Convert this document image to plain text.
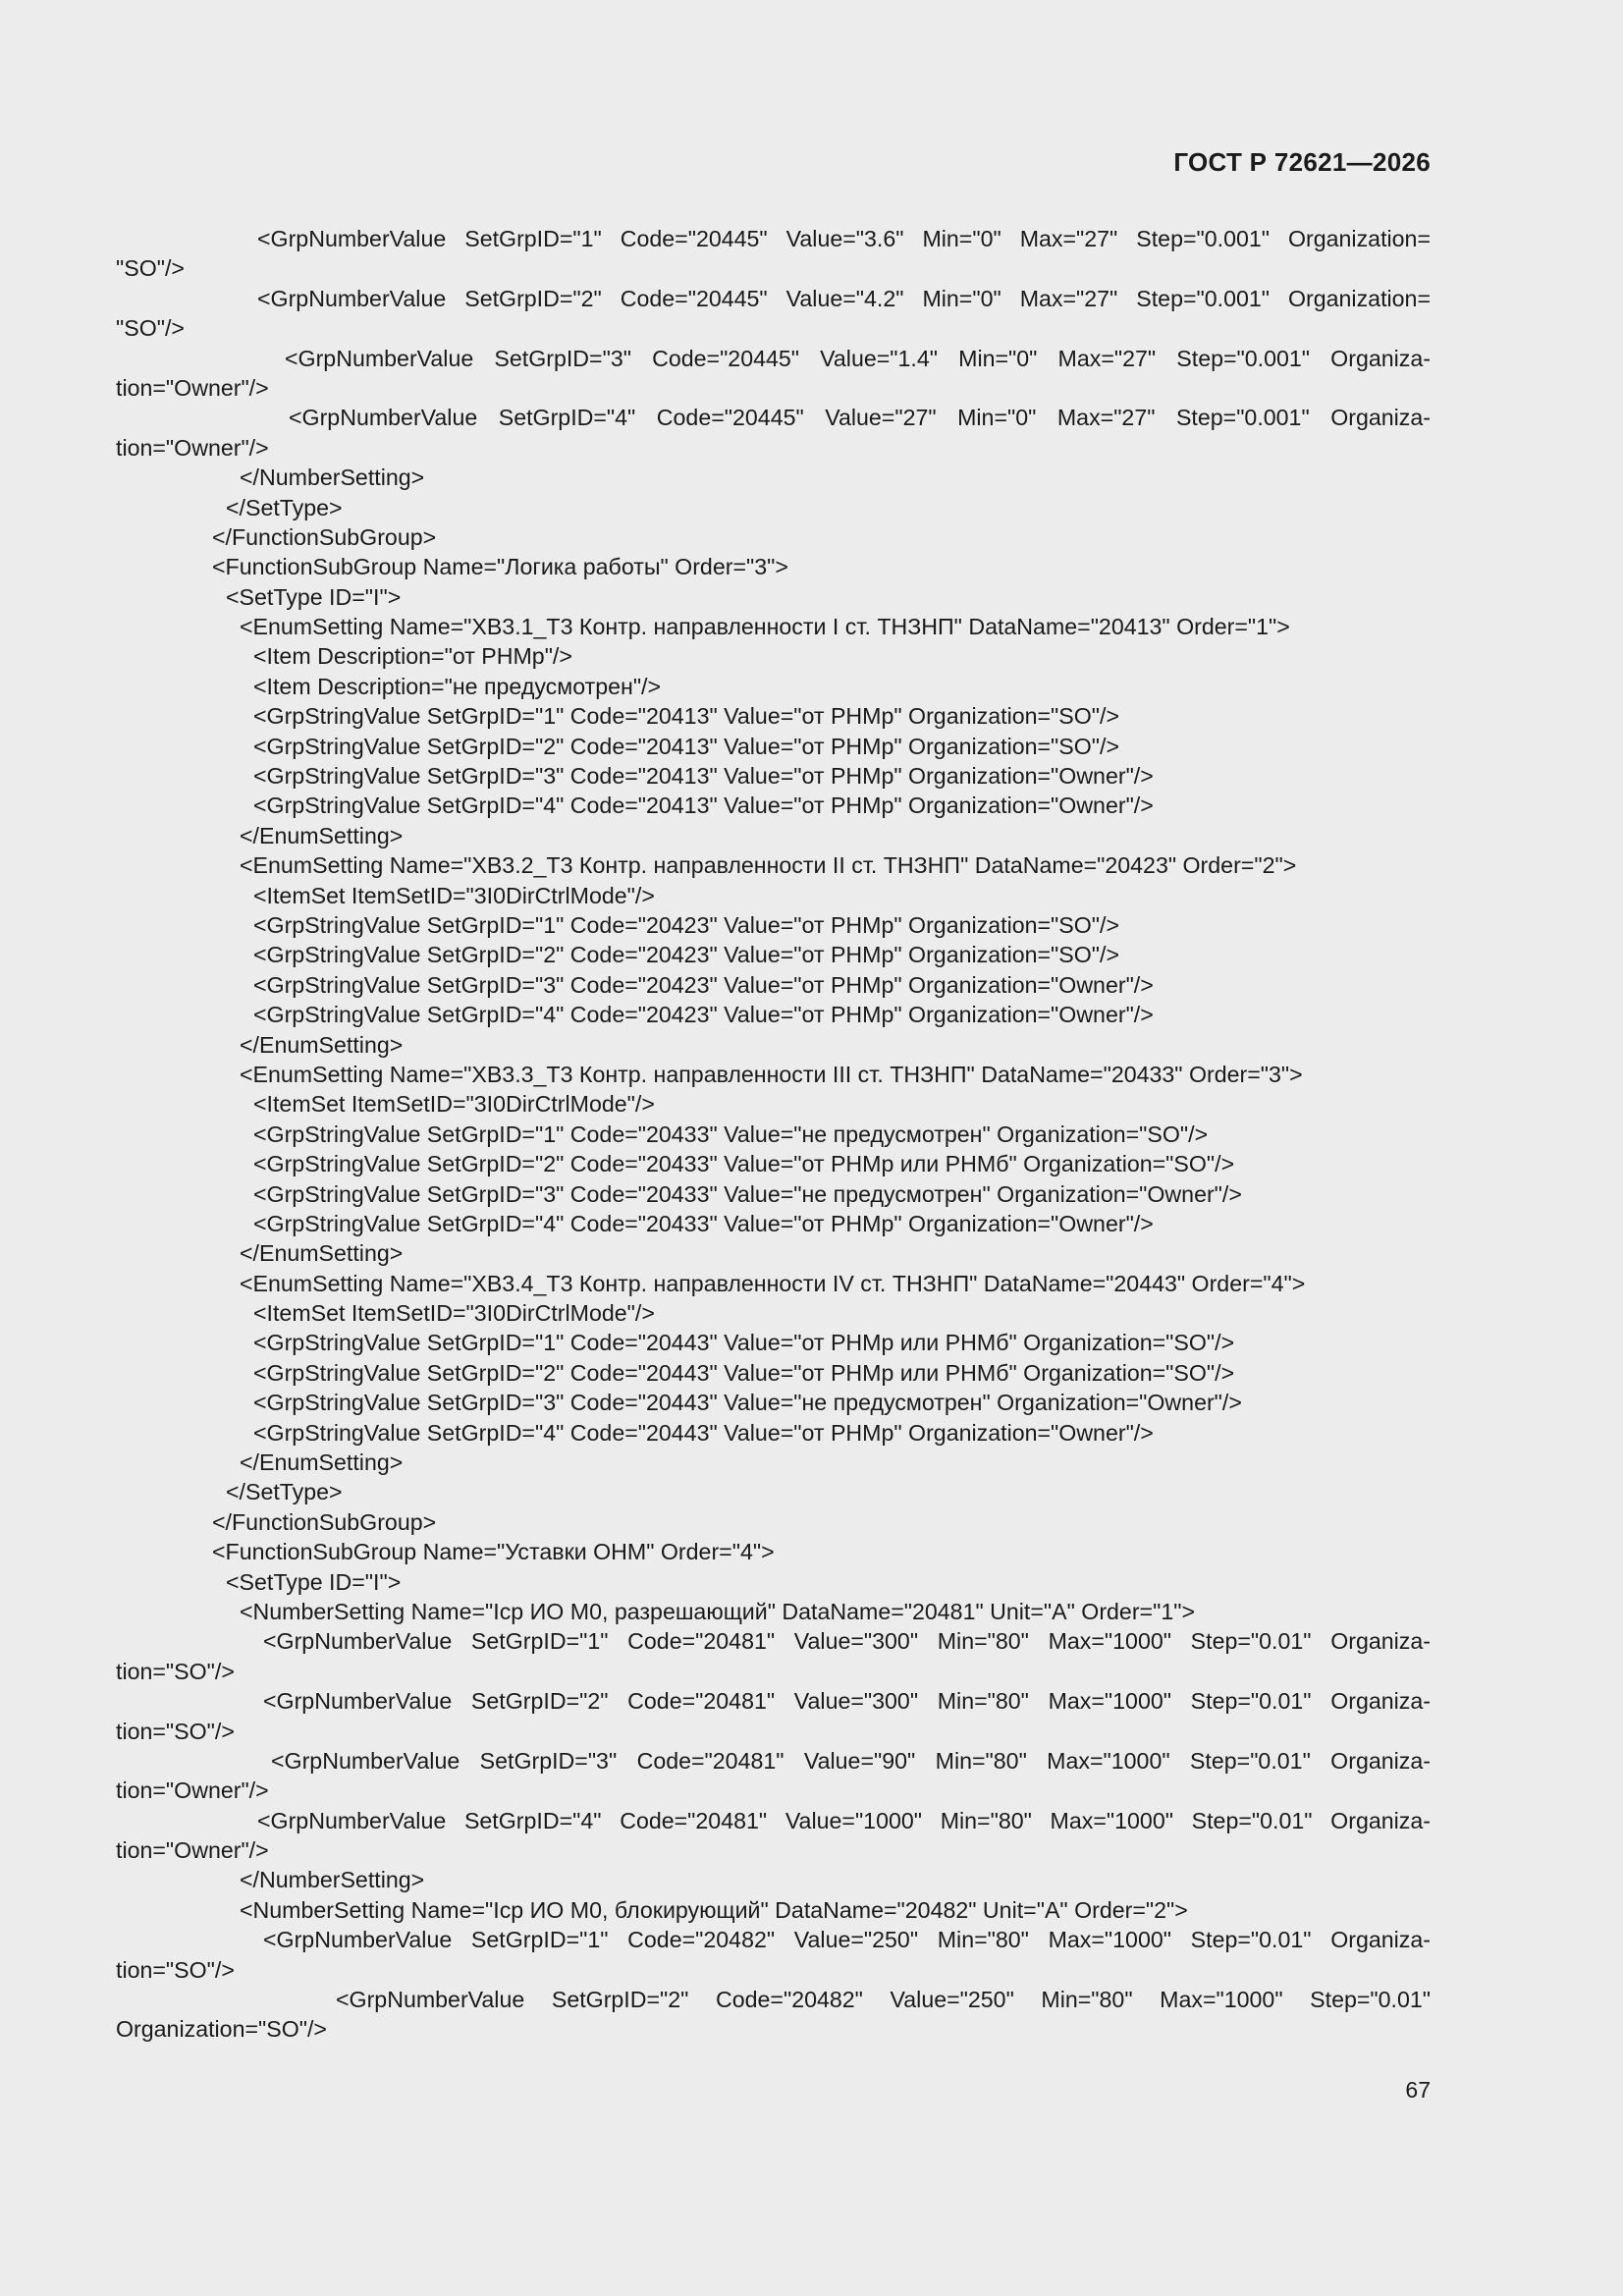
ГОСТ Р 72621—2026
<GrpNumberValue SetGrpID="1" Code="20445" Value="3.6" Min="0" Max="27" Step="0.001" Organization=
"SO"/>
<GrpNumberValue SetGrpID="2" Code="20445" Value="4.2" Min="0" Max="27" Step="0.001" Organization=
"SO"/>
<GrpNumberValue SetGrpID="3" Code="20445" Value="1.4" Min="0" Max="27" Step="0.001" Organiza-
tion="Owner"/>
<GrpNumberValue SetGrpID="4" Code="20445" Value="27" Min="0" Max="27" Step="0.001" Organiza-
tion="Owner"/>
</NumberSetting>
</SetType>
</FunctionSubGroup>
<FunctionSubGroup Name="Логика работы" Order="3">
<SetType ID="I">
<EnumSetting Name="ХВ3.1_Т3 Контр. направленности I ст. ТНЗНП" DataName="20413" Order="1">
<Item Description="от РНМр"/>
<Item Description="не предусмотрен"/>
<GrpStringValue SetGrpID="1" Code="20413" Value="от РНМр" Organization="SO"/>
<GrpStringValue SetGrpID="2" Code="20413" Value="от РНМр" Organization="SO"/>
<GrpStringValue SetGrpID="3" Code="20413" Value="от РНМр" Organization="Owner"/>
<GrpStringValue SetGrpID="4" Code="20413" Value="от РНМр" Organization="Owner"/>
</EnumSetting>
<EnumSetting Name="ХВ3.2_Т3 Контр. направленности II ст. ТНЗНП" DataName="20423" Order="2">
<ItemSet ItemSetID="3I0DirCtrlMode"/>
<GrpStringValue SetGrpID="1" Code="20423" Value="от РНМр" Organization="SO"/>
<GrpStringValue SetGrpID="2" Code="20423" Value="от РНМр" Organization="SO"/>
<GrpStringValue SetGrpID="3" Code="20423" Value="от РНМр" Organization="Owner"/>
<GrpStringValue SetGrpID="4" Code="20423" Value="от РНМр" Organization="Owner"/>
</EnumSetting>
<EnumSetting Name="ХВ3.3_Т3 Контр. направленности III ст. ТНЗНП" DataName="20433" Order="3">
<ItemSet ItemSetID="3I0DirCtrlMode"/>
<GrpStringValue SetGrpID="1" Code="20433" Value="не предусмотрен" Organization="SO"/>
<GrpStringValue SetGrpID="2" Code="20433" Value="от РНМр или РНМб" Organization="SO"/>
<GrpStringValue SetGrpID="3" Code="20433" Value="не предусмотрен" Organization="Owner"/>
<GrpStringValue SetGrpID="4" Code="20433" Value="от РНМр" Organization="Owner"/>
</EnumSetting>
<EnumSetting Name="ХВ3.4_Т3 Контр. направленности IV ст. ТНЗНП" DataName="20443" Order="4">
<ItemSet ItemSetID="3I0DirCtrlMode"/>
<GrpStringValue SetGrpID="1" Code="20443" Value="от РНМр или РНМб" Organization="SO"/>
<GrpStringValue SetGrpID="2" Code="20443" Value="от РНМр или РНМб" Organization="SO"/>
<GrpStringValue SetGrpID="3" Code="20443" Value="не предусмотрен" Organization="Owner"/>
<GrpStringValue SetGrpID="4" Code="20443" Value="от РНМр" Organization="Owner"/>
</EnumSetting>
</SetType>
</FunctionSubGroup>
<FunctionSubGroup Name="Уставки ОНМ" Order="4">
<SetType ID="I">
<NumberSetting Name="Iср ИО М0, разрешающий" DataName="20481" Unit="А" Order="1">
<GrpNumberValue SetGrpID="1" Code="20481" Value="300" Min="80" Max="1000" Step="0.01" Organiza-
tion="SO"/>
<GrpNumberValue SetGrpID="2" Code="20481" Value="300" Min="80" Max="1000" Step="0.01" Organiza-
tion="SO"/>
<GrpNumberValue SetGrpID="3" Code="20481" Value="90" Min="80" Max="1000" Step="0.01" Organiza-
tion="Owner"/>
<GrpNumberValue SetGrpID="4" Code="20481" Value="1000" Min="80" Max="1000" Step="0.01" Organiza-
tion="Owner"/>
</NumberSetting>
<NumberSetting Name="Iср ИО М0, блокирующий" DataName="20482" Unit="А" Order="2">
<GrpNumberValue SetGrpID="1" Code="20482" Value="250" Min="80" Max="1000" Step="0.01" Organiza-
tion="SO"/>
<GrpNumberValue SetGrpID="2" Code="20482" Value="250" Min="80" Max="1000" Step="0.01"
Organization="SO"/>
67
